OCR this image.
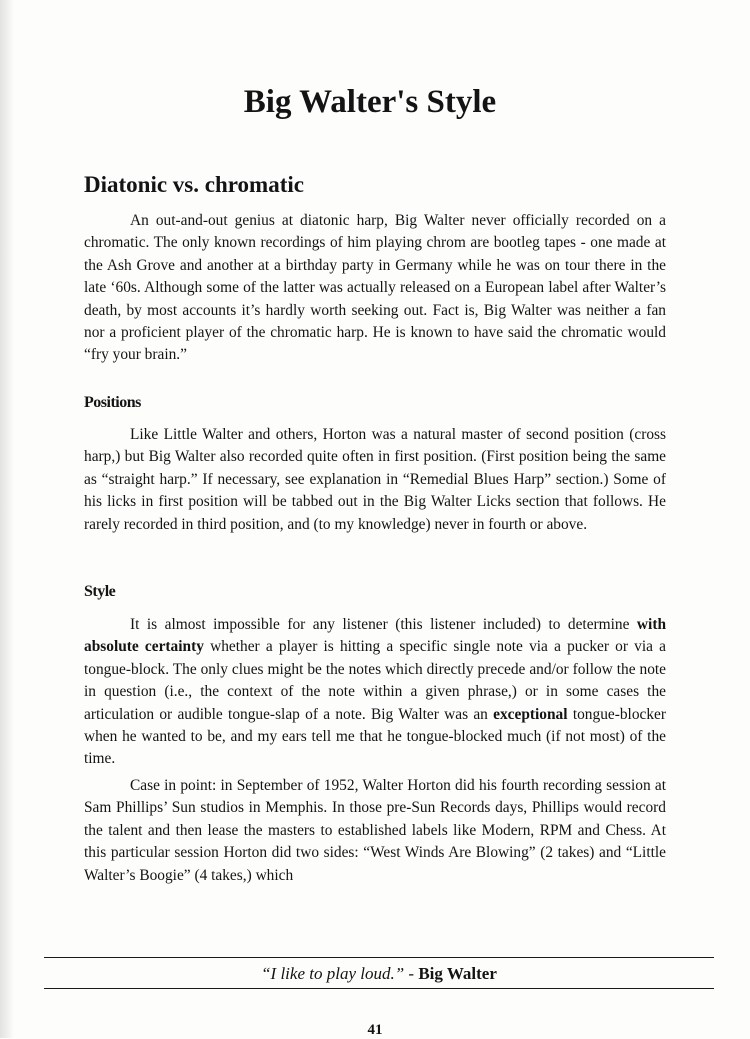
Big Walter's Style
Diatonic vs. chromatic

An out-and-out genius at diatonic harp, Big Walter never officially recorded on a chromatic. The only known recordings of him playing chrom are bootleg tapes - one made at the Ash Grove and another at a birthday party in Germany while he was on tour there in the late ‘60s. Although some of the latter was actually released on a European label after Walter’s death, by most accounts it’s hardly worth seeking out. Fact is, Big Walter was neither a fan nor a proficient player of the chromatic harp. He is known to have said the chromatic would “fry your brain.”

Positions

Like Little Walter and others, Horton was a natural master of second position (cross harp,) but Big Walter also recorded quite often in first position. (First position being the same as “straight harp.” If necessary, see explanation in “Remedial Blues Harp” section.) Some of his licks in first position will be tabbed out in the Big Walter Licks section that follows. He rarely recorded in third position, and (to my knowledge) never in fourth or above.

Style

It is almost impossible for any listener (this listener included) to determine with absolute certainty whether a player is hitting a specific single note via a pucker or via a tongue-block. The only clues might be the notes which directly precede and/or follow the note in question (i.e., the context of the note within a given phrase,) or in some cases the articulation or audible tongue-slap of a note. Big Walter was an exceptional tongue-blocker when he wanted to be, and my ears tell me that he tongue-blocked much (if not most) of the time.

Case in point: in September of 1952, Walter Horton did his fourth recording session at Sam Phillips’ Sun studios in Memphis. In those pre-Sun Records days, Phillips would record the talent and then lease the masters to established labels like Modern, RPM and Chess. At this particular session Horton did two sides: “West Winds Are Blowing” (2 takes) and “Little Walter’s Boogie” (4 takes,) which

“I like to play loud.” - Big Walter
41
